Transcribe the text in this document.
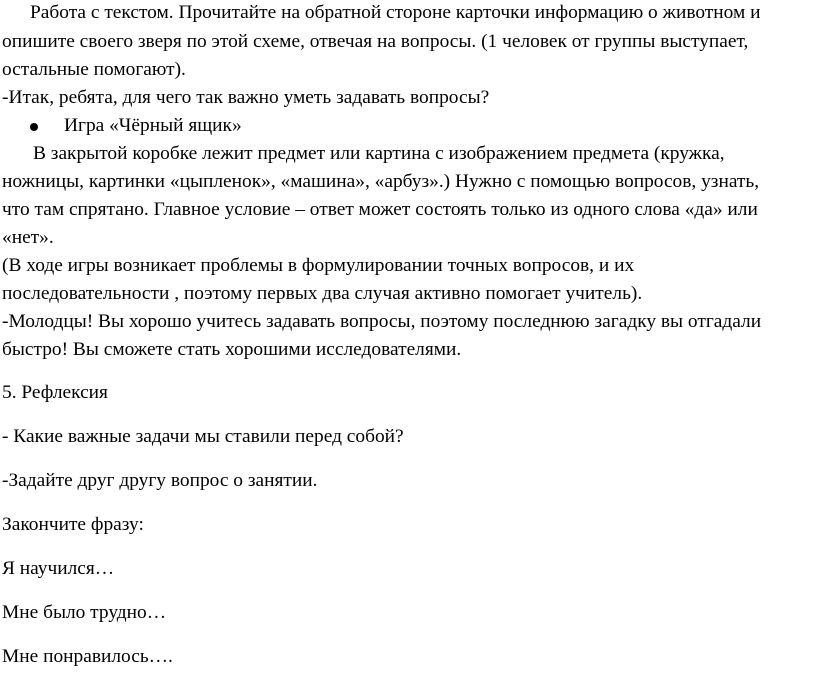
Работа с текстом. Прочитайте на обратной стороне карточки информацию о животном и
опишите своего зверя по этой схеме, отвечая на вопросы. (1 человек от группы выступает,
остальные помогают).
-Итак, ребята, для чего так важно уметь задавать вопросы?
Игра «Чёрный ящик»
В закрытой коробке лежит предмет или картина с изображением предмета (кружка,
ножницы, картинки «цыпленок», «машина», «арбуз».) Нужно с помощью вопросов, узнать,
что там спрятано. Главное условие – ответ может состоять только из одного слова «да» или
«нет».
(В ходе игры возникает проблемы в формулировании точных вопросов, и их
последовательности , поэтому первых два случая активно помогает учитель).
-Молодцы! Вы хорошо учитесь задавать вопросы, поэтому последнюю загадку вы отгадали
быстро! Вы сможете стать хорошими исследователями.
5. Рефлексия
- Какие важные задачи мы ставили перед собой?
-Задайте друг другу вопрос о занятии.
Закончите фразу:
Я научился…
Мне было трудно…
Мне понравилось….
